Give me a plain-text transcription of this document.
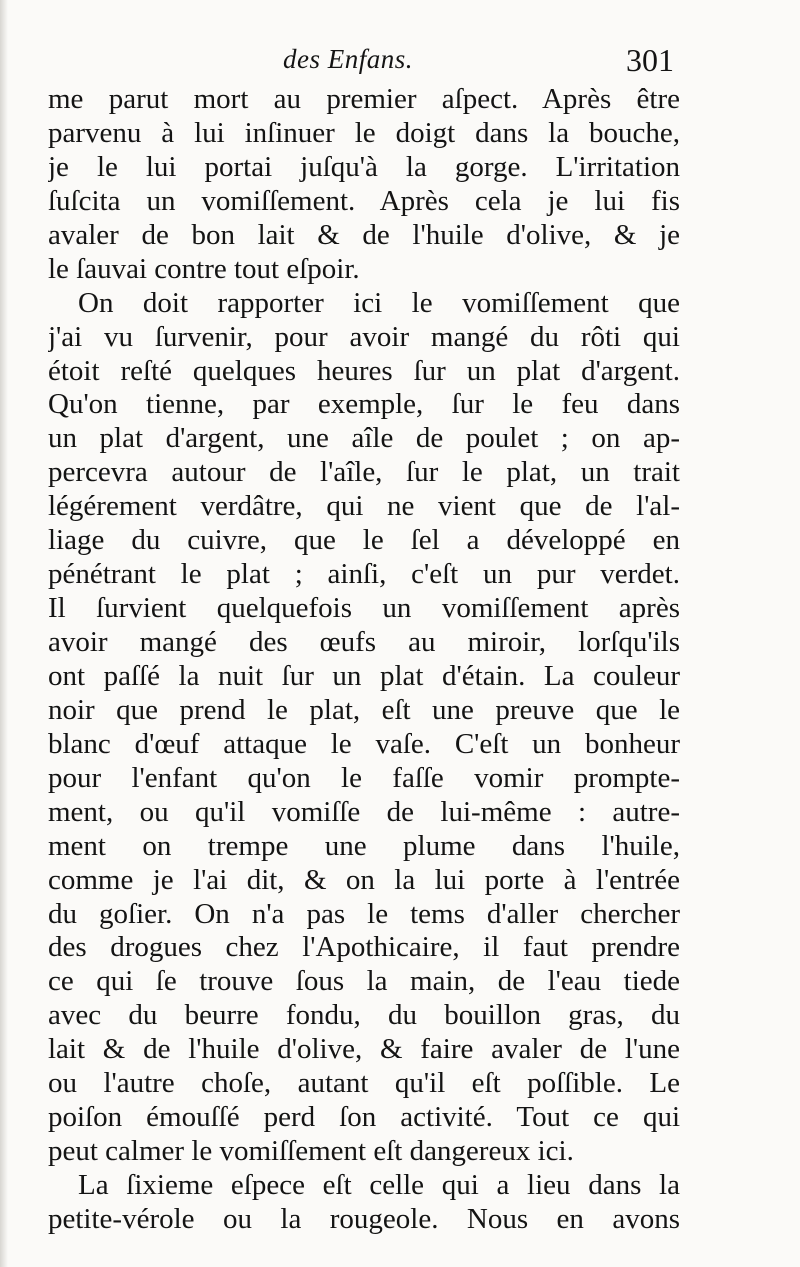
des Enfans.	301
me parut mort au premier aſpect. Après être
parvenu à lui inſinuer le doigt dans la bouche,
je le lui portai juſqu'à la gorge. L'irritation
ſuſcita un vomiſſement. Après cela je lui fis
avaler de bon lait & de l'huile d'olive, & je
le ſauvai contre tout eſpoir.
On doit rapporter ici le vomiſſement que
j'ai vu ſurvenir, pour avoir mangé du rôti qui
étoit reſté quelques heures ſur un plat d'argent.
Qu'on tienne, par exemple, ſur le feu dans
un plat d'argent, une aîle de poulet ; on ap-
percevra autour de l'aîle, ſur le plat, un trait
légérement verdâtre, qui ne vient que de l'al-
liage du cuivre, que le ſel a développé en
pénétrant le plat ; ainſi, c'eſt un pur verdet.
Il ſurvient quelquefois un vomiſſement après
avoir mangé des œufs au miroir, lorſqu'ils
ont paſſé la nuit ſur un plat d'étain. La couleur
noir que prend le plat, eſt une preuve que le
blanc d'œuf attaque le vaſe. C'eſt un bonheur
pour l'enfant qu'on le faſſe vomir prompte-
ment, ou qu'il vomiſſe de lui-même : autre-
ment on trempe une plume dans l'huile,
comme je l'ai dit, & on la lui porte à l'entrée
du goſier. On n'a pas le tems d'aller chercher
des drogues chez l'Apothicaire, il faut prendre
ce qui ſe trouve ſous la main, de l'eau tiede
avec du beurre fondu, du bouillon gras, du
lait & de l'huile d'olive, & faire avaler de l'une
ou l'autre choſe, autant qu'il eſt poſſible. Le
poiſon émouſſé perd ſon activité. Tout ce qui
peut calmer le vomiſſement eſt dangereux ici.
La ſixieme eſpece eſt celle qui a lieu dans la
petite-vérole ou la rougeole. Nous en avons
